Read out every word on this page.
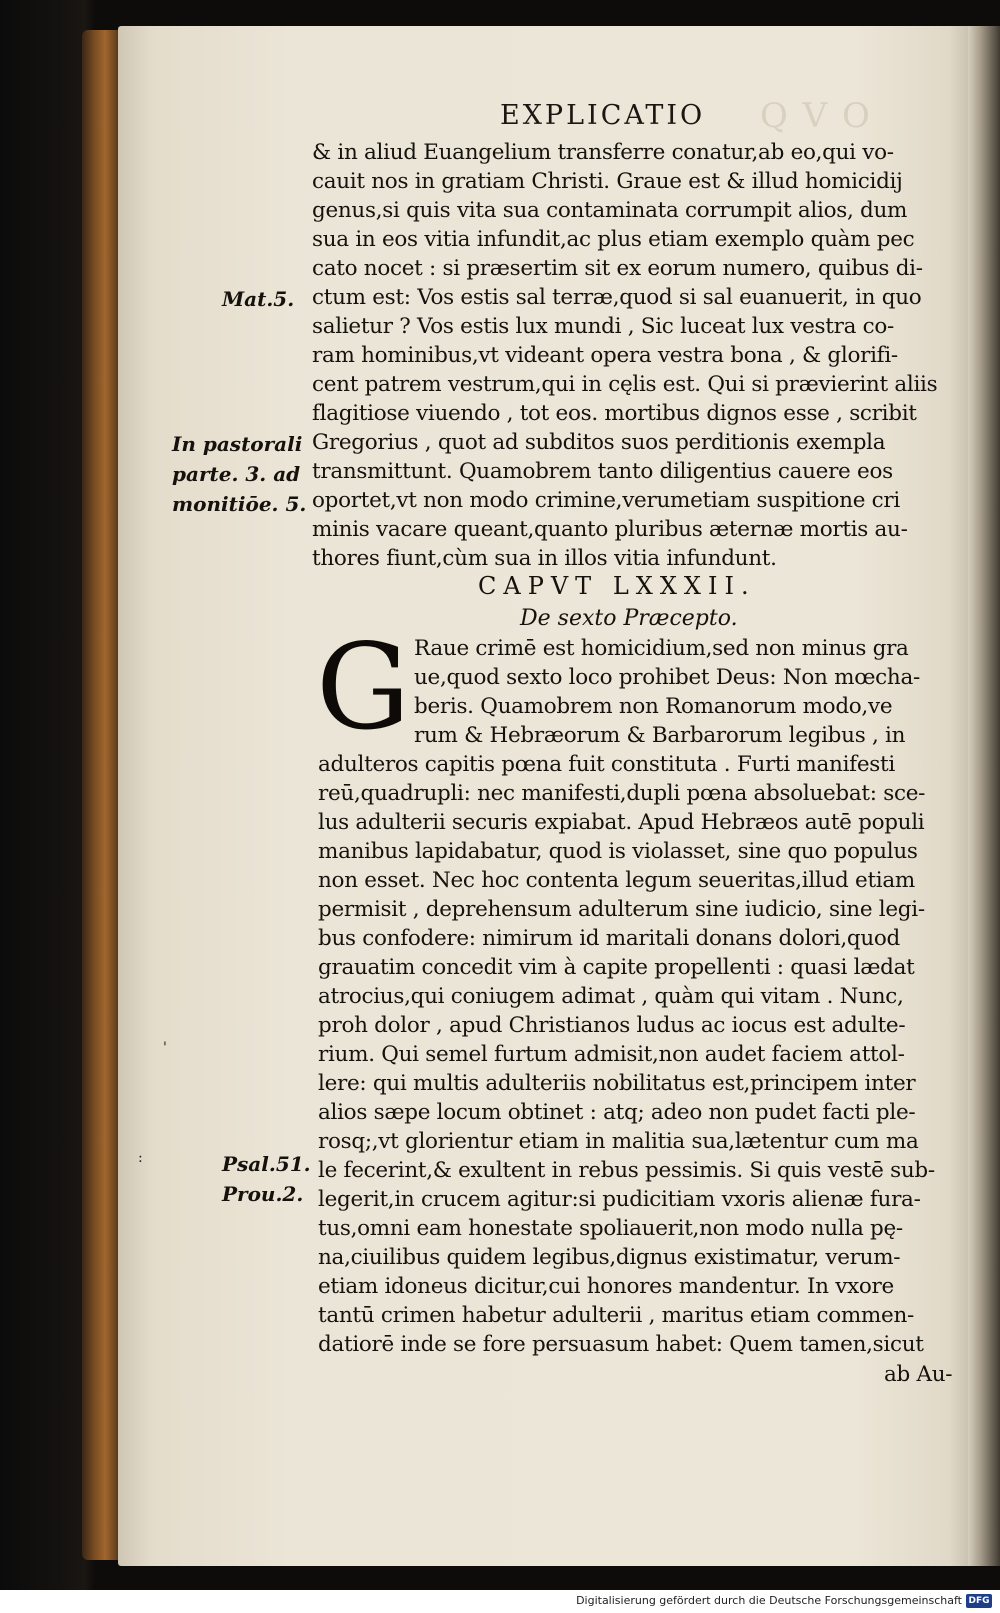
Q V O
EXPLICATIO
& in aliud Euangelium transferre conatur,ab eo,qui vo-
cauit nos in gratiam Christi. Graue est & illud homicidij
genus,si quis vita sua contaminata corrumpit alios, dum
sua in eos vitia infundit,ac plus etiam exemplo quàm pec
cato nocet : si præsertim sit ex eorum numero, quibus di-
ctum est: Vos estis sal terræ,quod si sal euanuerit, in quo
salietur ? Vos estis lux mundi , Sic luceat lux vestra co-
ram hominibus,vt videant opera vestra bona , & glorifi-
cent patrem vestrum,qui in cęlis est. Qui si prævierint aliis
flagitiose viuendo , tot eos. mortibus dignos esse , scribit
Gregorius , quot ad subditos suos perditionis exempla
transmittunt. Quamobrem tanto diligentius cauere eos
oportet,vt non modo crimine,verumetiam suspitione cri
minis vacare queant,quanto pluribus æternæ mortis au-
thores fiunt,cùm sua in illos vitia infundunt.
Mat.5.
In pastorali
parte. 3. ad
monitiōe. 5.
Psal.51.
Prou.2.
CAPVT LXXXII.
De sexto Præcepto.
G Raue crimē est homicidium,sed non minus gra
ue,quod sexto loco prohibet Deus: Non mœcha-
beris. Quamobrem non Romanorum modo,ve
rum & Hebræorum & Barbarorum legibus , in
adulteros capitis pœna fuit constituta . Furti manifesti
reū,quadrupli: nec manifesti,dupli pœna absoluebat: sce-
lus adulterii securis expiabat. Apud Hebræos autē populi
manibus lapidabatur, quod is violasset, sine quo populus
non esset. Nec hoc contenta legum seueritas,illud etiam
permisit , deprehensum adulterum sine iudicio, sine legi-
bus confodere: nimirum id maritali donans dolori,quod
grauatim concedit vim à capite propellenti : quasi lædat
atrocius,qui coniugem adimat , quàm qui vitam . Nunc,
proh dolor , apud Christianos ludus ac iocus est adulte-
rium. Qui semel furtum admisit,non audet faciem attol-
lere: qui multis adulteriis nobilitatus est,principem inter
alios sæpe locum obtinet : atq; adeo non pudet facti ple-
rosq;,vt glorientur etiam in malitia sua,lætentur cum ma
le fecerint,& exultent in rebus pessimis. Si quis vestē sub-
legerit,in crucem agitur:si pudicitiam vxoris alienæ fura-
tus,omni eam honestate spoliauerit,non modo nulla pę-
na,ciuilibus quidem legibus,dignus existimatur, verum-
etiam idoneus dicitur,cui honores mandentur. In vxore
tantū crimen habetur adulterii , maritus etiam commen-
datiorē inde se fore persuasum habet: Quem tamen,sicut
ab Au-
'
:
Digitalisierung gefördert durch die Deutsche Forschungsgemeinschaft DFG
